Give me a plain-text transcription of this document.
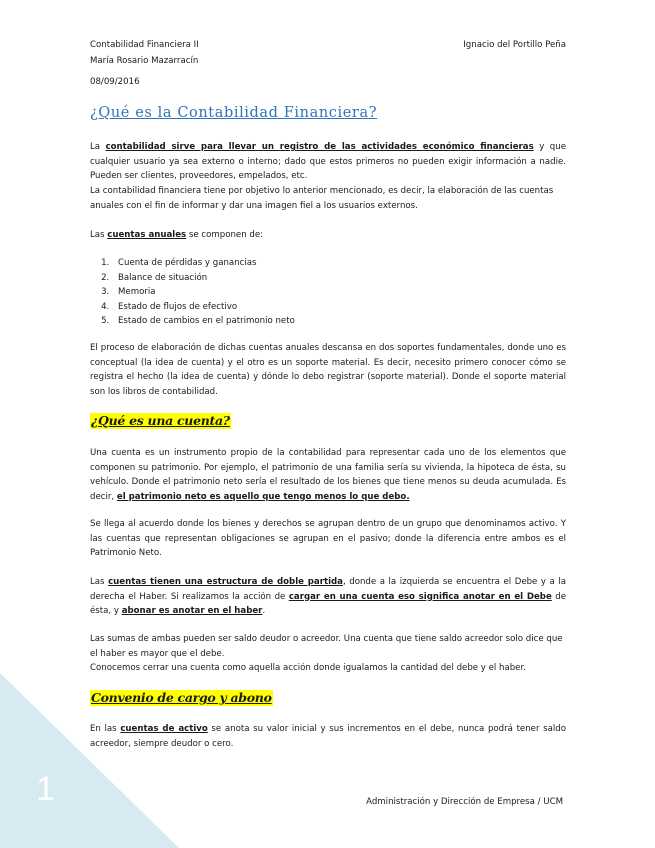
1
Contabilidad Financiera II
María Rosario Mazarracín
Ignacio del Portillo Peña
08/09/2016
¿Qué es la Contabilidad Financiera?
La contabilidad sirve para llevar un registro de las actividades económico financieras y que cualquier usuario ya sea externo o interno; dado que estos primeros no pueden exigir información a nadie. Pueden ser clientes, proveedores, empelados, etc.
La contabilidad financiera tiene por objetivo lo anterior mencionado, es decir, la elaboración de las cuentas anuales con el fin de informar y dar una imagen fiel a los usuarios externos.
Las cuentas anuales se componen de:
1. Cuenta de pérdidas y ganancias
2. Balance de situación
3. Memoria
4. Estado de flujos de efectivo
5. Estado de cambios en el patrimonio neto
El proceso de elaboración de dichas cuentas anuales descansa en dos soportes fundamentales, donde uno es conceptual (la idea de cuenta) y el otro es un soporte material. Es decir, necesito primero conocer cómo se registra el hecho (la idea de cuenta) y dónde lo debo registrar (soporte material). Donde el soporte material son los libros de contabilidad.
¿Qué es una cuenta?
Una cuenta es un instrumento propio de la contabilidad para representar cada uno de los elementos que componen su patrimonio. Por ejemplo, el patrimonio de una familia sería su vivienda, la hipoteca de ésta, su vehículo. Donde el patrimonio neto sería el resultado de los bienes que tiene menos su deuda acumulada. Es decir, el patrimonio neto es aquello que tengo menos lo que debo.
Se llega al acuerdo donde los bienes y derechos se agrupan dentro de un grupo que denominamos activo. Y las cuentas que representan obligaciones se agrupan en el pasivo; donde la diferencia entre ambos es el Patrimonio Neto.
Las cuentas tienen una estructura de doble partida, donde a la izquierda se encuentra el Debe y a la derecha el Haber. Si realizamos la acción de cargar en una cuenta eso significa anotar en el Debe de ésta, y abonar es anotar en el haber.
Las sumas de ambas pueden ser saldo deudor o acreedor. Una cuenta que tiene saldo acreedor solo dice que el haber es mayor que el debe.
Conocemos cerrar una cuenta como aquella acción donde igualamos la cantidad del debe y el haber.
Convenio de cargo y abono
En las cuentas de activo se anota su valor inicial y sus incrementos en el debe, nunca podrá tener saldo acreedor, siempre deudor o cero.
Administración y Dirección de Empresa / UCM
